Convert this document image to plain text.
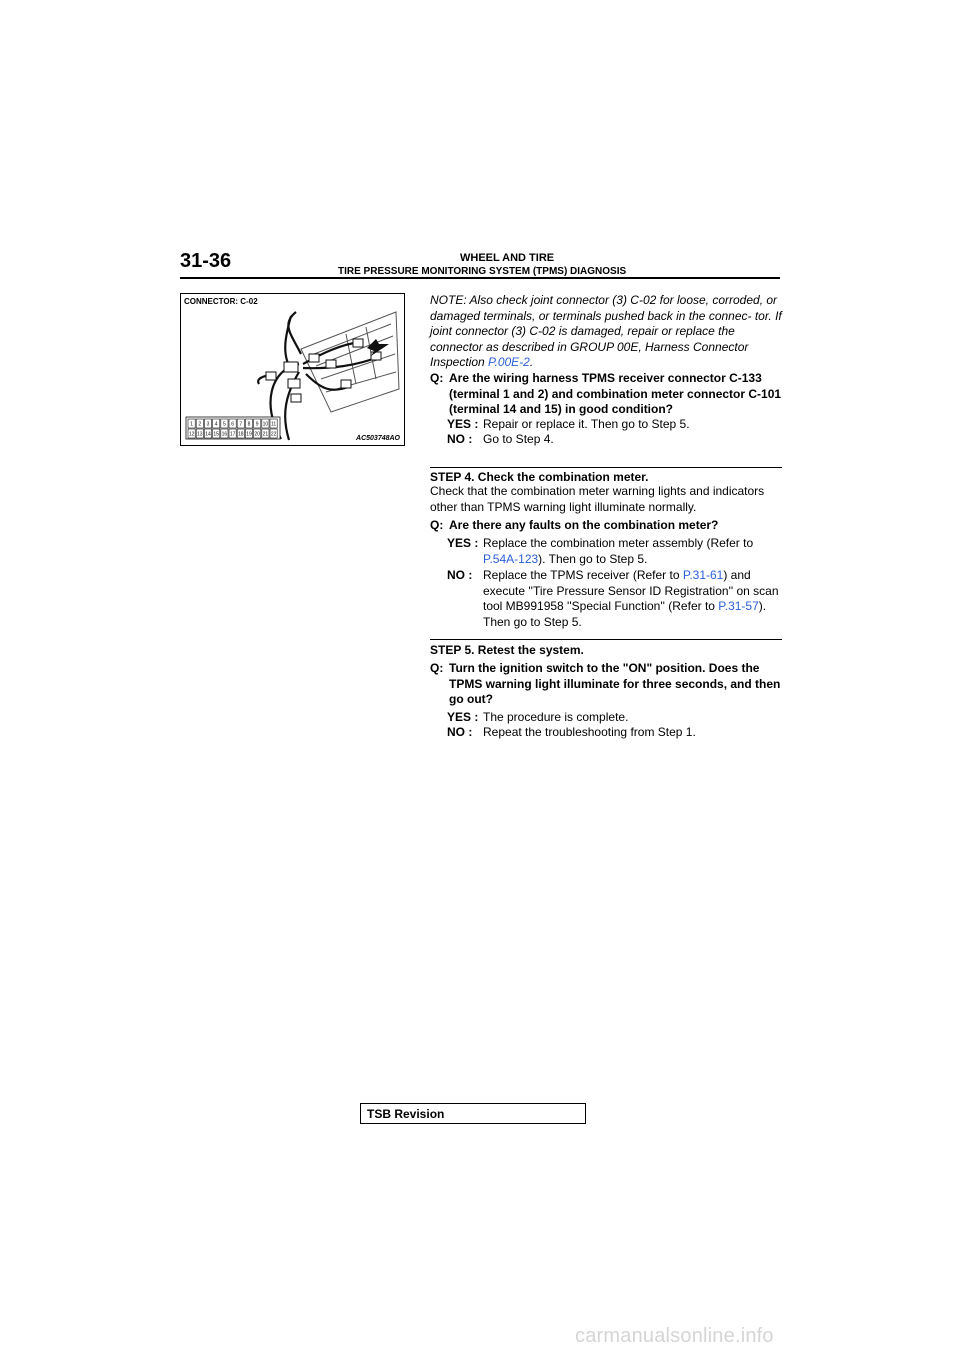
31-36	WHEEL AND TIRE
TIRE PRESSURE MONITORING SYSTEM (TPMS) DIAGNOSIS
CONNECTOR: C-02
1 2 3 4 5 6 7 8 9 10 11
12 13 14 15 16 17 18 19 20 21 22
AC503748AO
NOTE: Also check joint connector (3) C-02 for loose, corroded, or damaged terminals, or terminals pushed back in the connec- tor. If joint connector (3) C-02 is damaged, repair or replace the connector as described in GROUP 00E, Harness Connector Inspection P.00E-2.
Q: Are the wiring harness TPMS receiver connector C-133 (terminal 1 and 2) and combination meter connector C-101 (terminal 14 and 15) in good condition?
YES : Repair or replace it. Then go to Step 5.
NO : Go to Step 4.
STEP 4. Check the combination meter.
Check that the combination meter warning lights and indicators other than TPMS warning light illuminate normally.
Q: Are there any faults on the combination meter?
YES : Replace the combination meter assembly (Refer to P.54A-123). Then go to Step 5.
NO : Replace the TPMS receiver (Refer to P.31-61) and execute ''Tire Pressure Sensor ID Registration'' on scan tool MB991958 ''Special Function'' (Refer to P.31-57). Then go to Step 5.
STEP 5. Retest the system.
Q: Turn the ignition switch to the "ON" position. Does the TPMS warning light illuminate for three seconds, and then go out?
YES : The procedure is complete.
NO : Repeat the troubleshooting from Step 1.
TSB Revision
carmanualsonline.info
